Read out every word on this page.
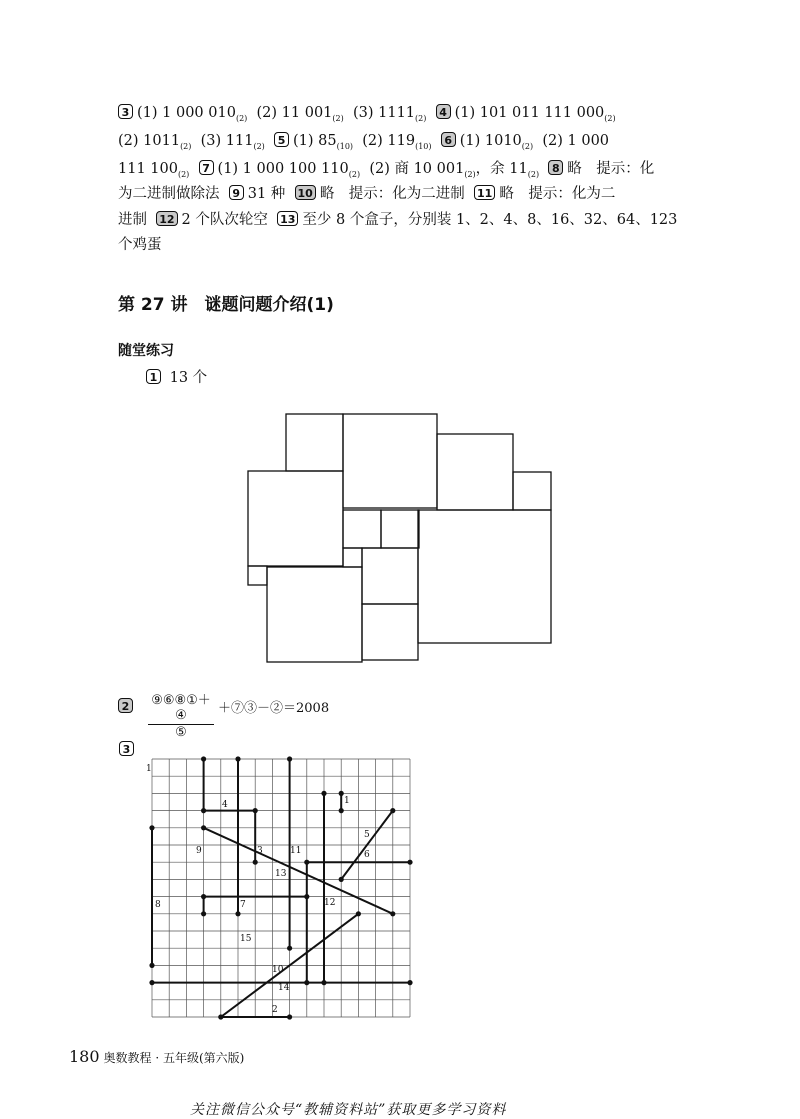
3 (1) 1 000 $010_{(2)}$ (2) 11 $001_{(2)}$ (3) $1111_{(2)}$ 4 (1) 101 011 111 $000_{(2)}$
(2) $1011_{(2)}$ (3) $111_{(2)}$ 5 (1) $85_{(10)}$ (2) $119_{(10)}$ 6 (1) $1010_{(2)}$ (2) 1 000
111 $100_{(2)}$ 7 (1) 1 000 100 $110_{(2)}$ (2) 商 10 $001_{(2)}$，余 $11_{(2)}$ 8 略　提示：化
为二进制做除法 9 31 种 10 略　提示：化为二进制 11 略　提示：化为二
进制 12 2 个队次轮空 13 至少 8 个盒子，分别装 1、2、4、8、16、32、64、123
个鸡蛋
第 27 讲　谜题问题介绍(1)
随堂练习
1 13 个
2 ⑨⑥⑧①＋④
⑤
＋⑦③－②＝2008
3
1
1
4
5
6
9	3	11
13
8	7	12
15
10
14
2
180 奥数教程 · 五年级(第六版)
关注微信公众号“教辅资料站”获取更多学习资料
